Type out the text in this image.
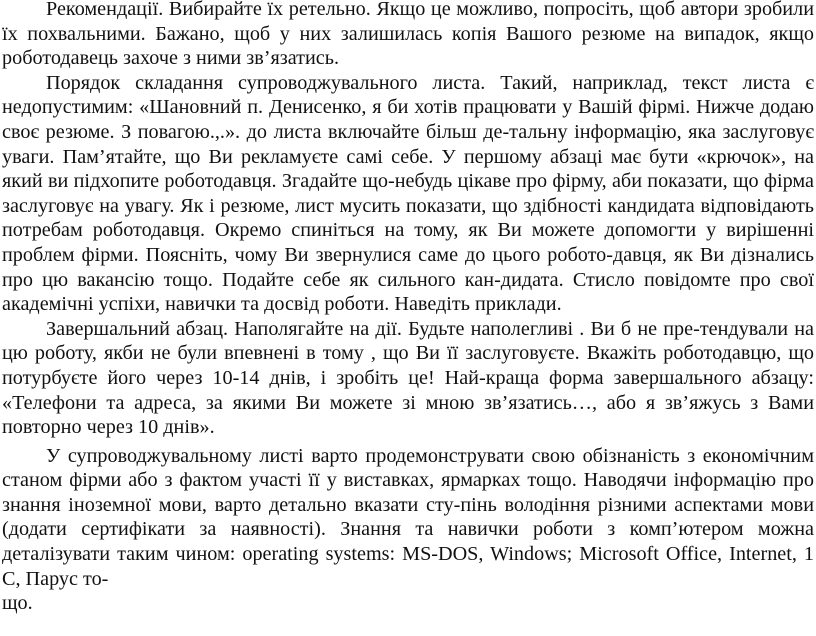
Рекомендації. Вибирайте їх ретельно. Якщо це можливо, попросіть, щоб автори зробили їх похвальними. Бажано, щоб у них залишилась копія Вашого резюме на випадок, якщо роботодавець захоче з ними зв’язатись.

Порядок складання супроводжувального листа. Такий, наприклад, текст листа є недопустимим: «Шановний п. Денисенко, я би хотів працювати у Вашій фірмі. Нижче додаю своє резюме. З повагою.,.». до листа включайте більш де-тальну інформацію, яка заслуговує уваги. Пам’ятайте, що Ви рекламуєте самі себе. У першому абзаці має бути «крючок», на який ви підхопите роботодавця. Згадайте що-небудь цікаве про фірму, аби показати, що фірма заслуговує на увагу. Як і резюме, лист мусить показати, що здібності кандидата відповідають потребам роботодавця. Окремо спиніться на тому, як Ви можете допомогти у вирішенні проблем фірми. Поясніть, чому Ви звернулися саме до цього робото-давця, як Ви дізнались про цю вакансію тощо. Подайте себе як сильного кан-дидата. Стисло повідомте про свої академічні успіхи, навички та досвід роботи. Наведіть приклади.

Завершальний абзац. Наполягайте на дії. Будьте наполегливі . Ви б не пре-тендували на цю роботу, якби не були впевнені в тому , що Ви її заслуговуєте. Вкажіть роботодавцю, що потурбуєте його через 10-14 днів, і зробіть це! Най-краща форма завершального абзацу: «Телефони та адреса, за якими Ви можете зі мною зв’язатись…, або я зв’яжусь з Вами повторно через 10 днів».

У супроводжувальному листі варто продемонструвати свою обізнаність з економічним станом фірми або з фактом участі її у виставках, ярмарках тощо. Наводячи інформацію про знання іноземної мови, варто детально вказати сту-пінь володіння різними аспектами мови (додати сертифікати за наявності). Знання та навички роботи з комп’ютером можна деталізувати таким чином: operating systems: MS-DOS, Windows; Microsoft Office, Internet, 1 С, Парус то-
що.
